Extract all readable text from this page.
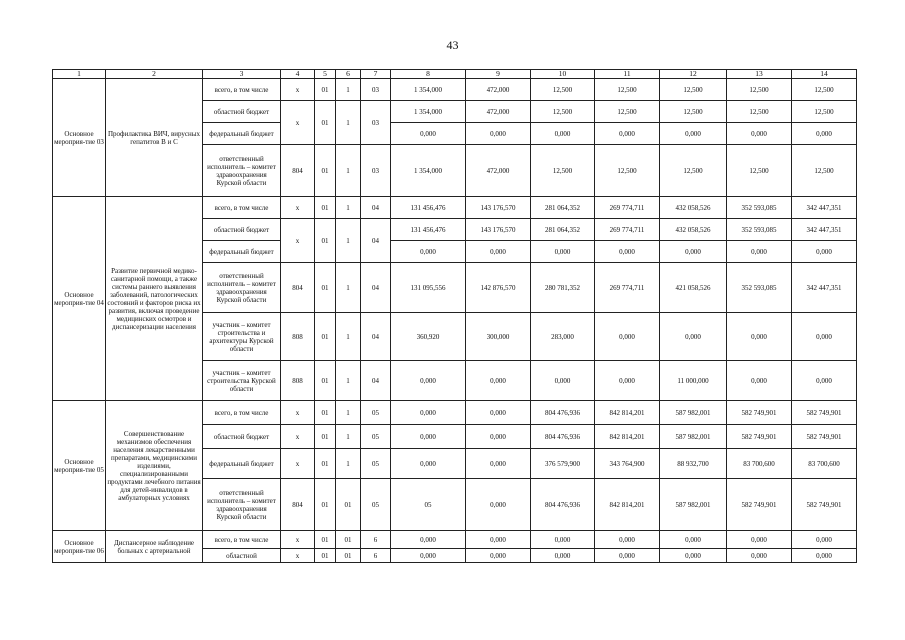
43
1	2	3	4	5	6	7	8	9	10	11	12	13	14
Основное мероприя-тие 03	Профилактика ВИЧ, вирусных гепатитов В и С	всего, в том числе	х	01	1	03	1 354,000	472,000	12,500	12,500	12,500	12,500	12,500
		областной бюджет	х	01	1	03	1 354,000	472,000	12,500	12,500	12,500	12,500	12,500
		федеральный бюджет					0,000	0,000	0,000	0,000	0,000	0,000	0,000
		ответственный исполнитель – комитет здравоохранения Курской области	804	01	1	03	1 354,000	472,000	12,500	12,500	12,500	12,500	12,500
Основное мероприя-тие 04	Развитие первичной медико-санитарной помощи, а также системы раннего выявления заболеваний, патологических состояний и факторов риска их развития, включая проведение медицинских осмотров и диспансеризации населения	всего, в том числе	х	01	1	04	131 456,476	143 176,570	281 064,352	269 774,711	432 058,526	352 593,085	342 447,351
		областной бюджет	х	01	1	04	131 456,476	143 176,570	281 064,352	269 774,711	432 058,526	352 593,085	342 447,351
		федеральный бюджет					0,000	0,000	0,000	0,000	0,000	0,000	0,000
		ответственный исполнитель – комитет здравоохранения Курской области	804	01	1	04	131 095,556	142 876,570	280 781,352	269 774,711	421 058,526	352 593,085	342 447,351
		участник – комитет строительства и архитектуры Курской области	808	01	1	04	360,920	300,000	283,000	0,000	0,000	0,000	0,000
		участник – комитет строительства Курской области	808	01	1	04	0,000	0,000	0,000	0,000	11 000,000	0,000	0,000
Основное мероприя-тие 05	Совершенствование механизмов обеспечения населения лекарственными препаратами, медицинскими изделиями, специализированными продуктами лечебного питания для детей-инвалидов в амбулаторных условиях	всего, в том числе	х	01	1	05	0,000	0,000	804 476,936	842 814,201	587 982,001	582 749,901	582 749,901
		областной бюджет	х	01	1	05	0,000	0,000	804 476,936	842 814,201	587 982,001	582 749,901	582 749,901
		федеральный бюджет	х	01	1	05	0,000	0,000	376 579,900	343 764,900	88 932,700	83 700,600	83 700,600
		ответственный исполнитель – комитет здравоохранения Курской области	804	01	01	05	05	0,000	804 476,936	842 814,201	587 982,001	582 749,901	582 749,901
Основное мероприя-тие 06	Диспансерное наблюдение больных с артериальной	всего, в том числе	х	01	01	6	0,000	0,000	0,000	0,000	0,000	0,000	0,000
		областной	х	01	01	6	0,000	0,000	0,000	0,000	0,000	0,000	0,000
